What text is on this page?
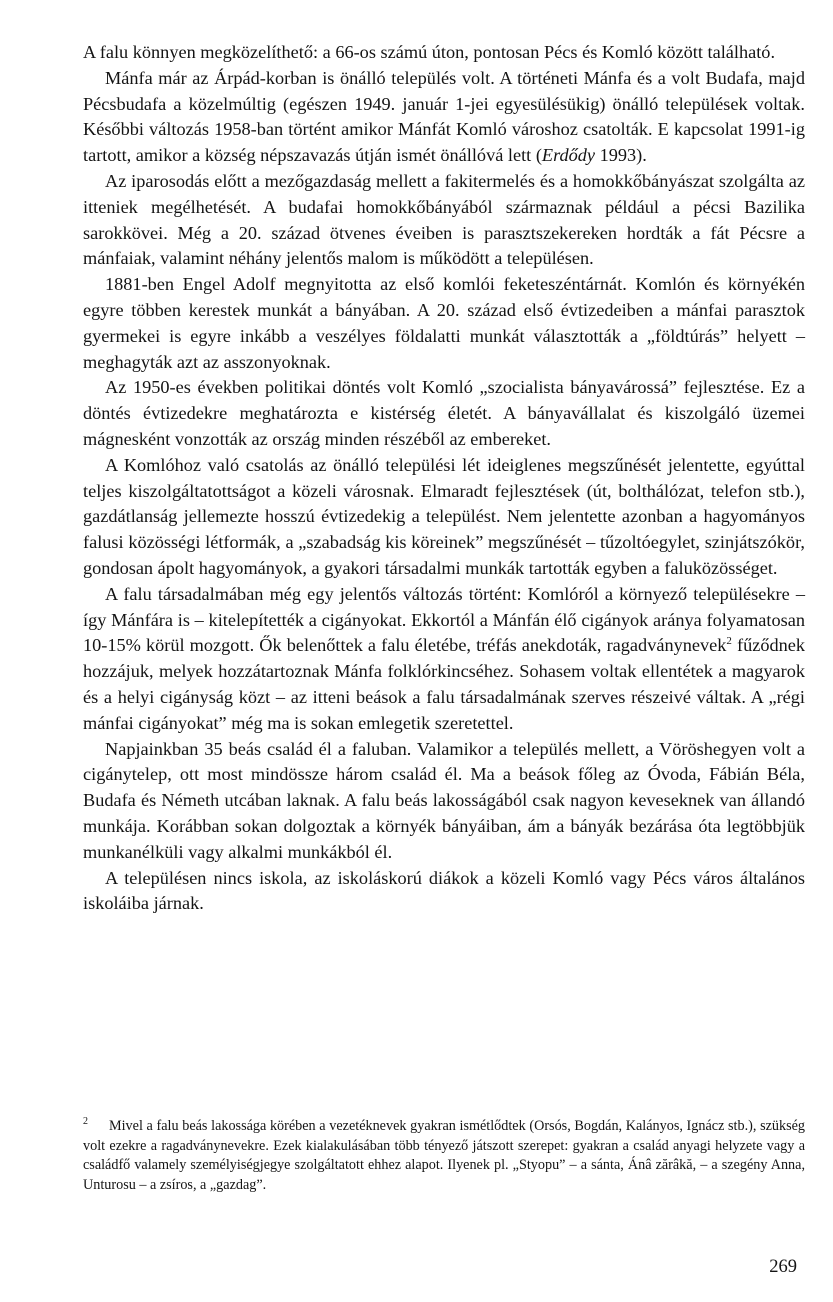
A falu könnyen megközelíthető: a 66-os számú úton, pontosan Pécs és Komló között található.

Mánfa már az Árpád-korban is önálló település volt. A történeti Mánfa és a volt Budafa, majd Pécsbudafa a közelmúltig (egészen 1949. január 1-jei egyesülésükig) önálló települések voltak. Későbbi változás 1958-ban történt amikor Mánfát Komló városhoz csatolták. E kapcsolat 1991-ig tartott, amikor a község népszavazás útján ismét önállóvá lett (Erdődy 1993).

Az iparosodás előtt a mezőgazdaság mellett a fakitermelés és a homokkőbányászat szolgálta az itteniek megélhetését. A budafai homokkőbányából származnak például a pécsi Bazilika sarokkövei. Még a 20. század ötvenes éveiben is parasztszekereken hordták a fát Pécsre a mánfaiak, valamint néhány jelentős malom is működött a településen.

1881-ben Engel Adolf megnyitotta az első komlói feketeszéntárnát. Komlón és környékén egyre többen kerestek munkát a bányában. A 20. század első évtizedeiben a mánfai parasztok gyermekei is egyre inkább a veszélyes földalatti munkát választották a „földtúrás” helyett – meghagyták azt az asszonyoknak.

Az 1950-es években politikai döntés volt Komló „szocialista bányavárossá” fejlesztése. Ez a döntés évtizedekre meghatározta e kistérség életét. A bányavállalat és kiszolgáló üzemei mágnesként vonzották az ország minden részéből az embereket.

A Komlóhoz való csatolás az önálló települési lét ideiglenes megszűnését jelentette, egyúttal teljes kiszolgáltatottságot a közeli városnak. Elmaradt fejlesztések (út, bolthálózat, telefon stb.), gazdátlanság jellemezte hosszú évtizedekig a települést. Nem jelentette azonban a hagyományos falusi közösségi létformák, a „szabadság kis köreinek” megszűnését – tűzoltóegylet, szinjátszókör, gondosan ápolt hagyományok, a gyakori társadalmi munkák tartották egyben a faluközösséget.

A falu társadalmában még egy jelentős változás történt: Komlóról a környező településekre – így Mánfára is – kitelepítették a cigányokat. Ekkortól a Mánfán élő cigányok aránya folyamatosan 10-15% körül mozgott. Ők belenőttek a falu életébe, tréfás anekdoták, ragadványnevek$^2$ fűződnek hozzájuk, melyek hozzátartoznak Mánfa folklórkincséhez. Sohasem voltak ellentétek a magyarok és a helyi cigányság közt – az itteni beások a falu társadalmának szerves részeivé váltak. A „régi mánfai cigányokat” még ma is sokan emlegetik szeretettel.

Napjainkban 35 beás család él a faluban. Valamikor a település mellett, a Vöröshegyen volt a cigánytelep, ott most mindössze három család él. Ma a beások főleg az Óvoda, Fábián Béla, Budafa és Németh utcában laknak. A falu beás lakosságából csak nagyon keveseknek van állandó munkája. Korábban sokan dolgoztak a környék bányáiban, ám a bányák bezárása óta legtöbbjük munkanélküli vagy alkalmi munkákból él.

A településen nincs iskola, az iskoláskorú diákok a közeli Komló vagy Pécs város általános iskoláiba járnak.

2 Mivel a falu beás lakossága körében a vezetéknevek gyakran ismétlődtek (Orsós, Bogdán, Kalányos, Ignácz stb.), szükség volt ezekre a ragadványnevekre. Ezek kialakulásában több tényező játszott szerepet: gyakran a család anyagi helyzete vagy a családfő valamely személyiségjegye szolgáltatott ehhez alapot. Ilyenek pl. „Styopu” – a sánta, Ánâ zărâkă, – a szegény Anna, Unturosu – a zsíros, a „gazdag”.
269
